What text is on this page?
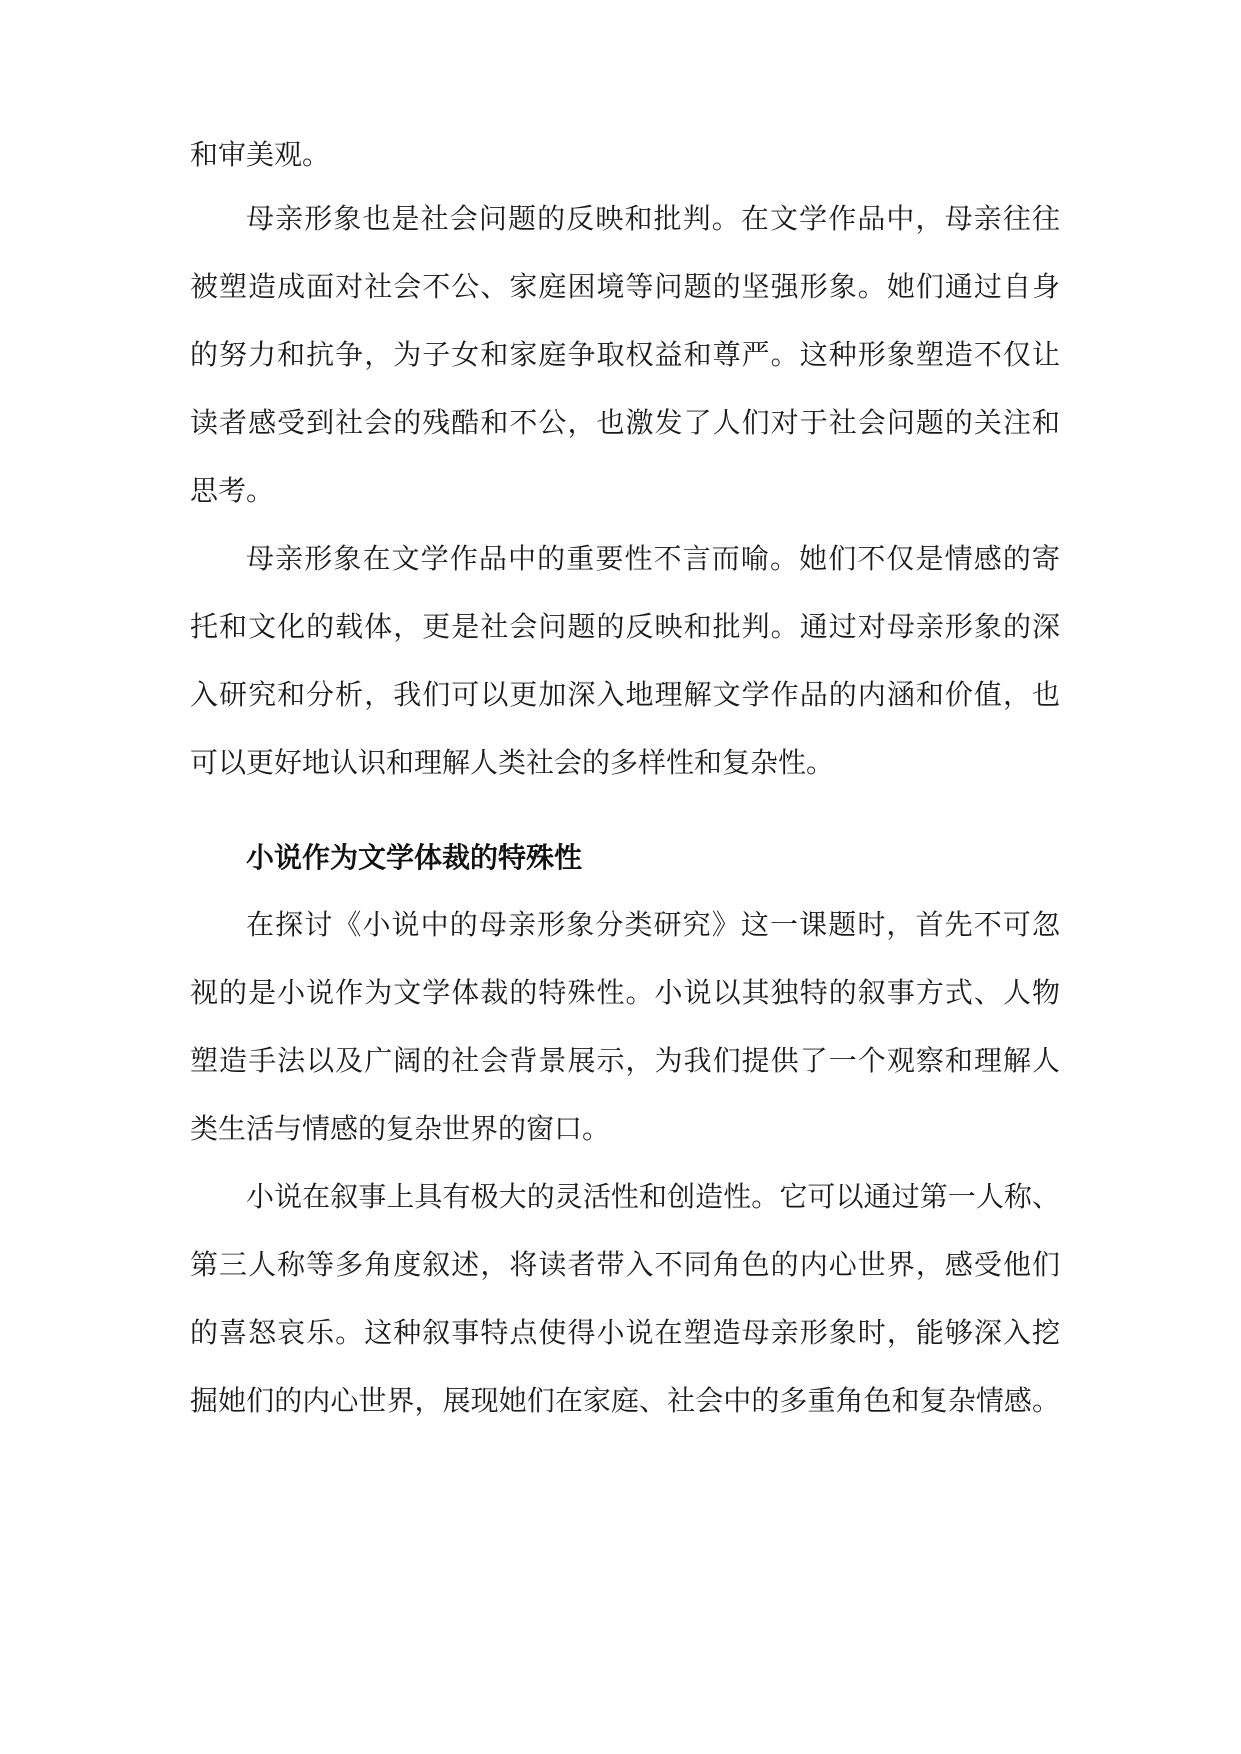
和审美观。
母亲形象也是社会问题的反映和批判。在文学作品中，母亲往往
被塑造成面对社会不公、家庭困境等问题的坚强形象。她们通过自身
的努力和抗争，为子女和家庭争取权益和尊严。这种形象塑造不仅让
读者感受到社会的残酷和不公，也激发了人们对于社会问题的关注和
思考。
母亲形象在文学作品中的重要性不言而喻。她们不仅是情感的寄
托和文化的载体，更是社会问题的反映和批判。通过对母亲形象的深
入研究和分析，我们可以更加深入地理解文学作品的内涵和价值，也
可以更好地认识和理解人类社会的多样性和复杂性。
小说作为文学体裁的特殊性
在探讨《小说中的母亲形象分类研究》这一课题时，首先不可忽
视的是小说作为文学体裁的特殊性。小说以其独特的叙事方式、人物
塑造手法以及广阔的社会背景展示，为我们提供了一个观察和理解人
类生活与情感的复杂世界的窗口。
小说在叙事上具有极大的灵活性和创造性。它可以通过第一人称、
第三人称等多角度叙述，将读者带入不同角色的内心世界，感受他们
的喜怒哀乐。这种叙事特点使得小说在塑造母亲形象时，能够深入挖
掘她们的内心世界，展现她们在家庭、社会中的多重角色和复杂情感。
